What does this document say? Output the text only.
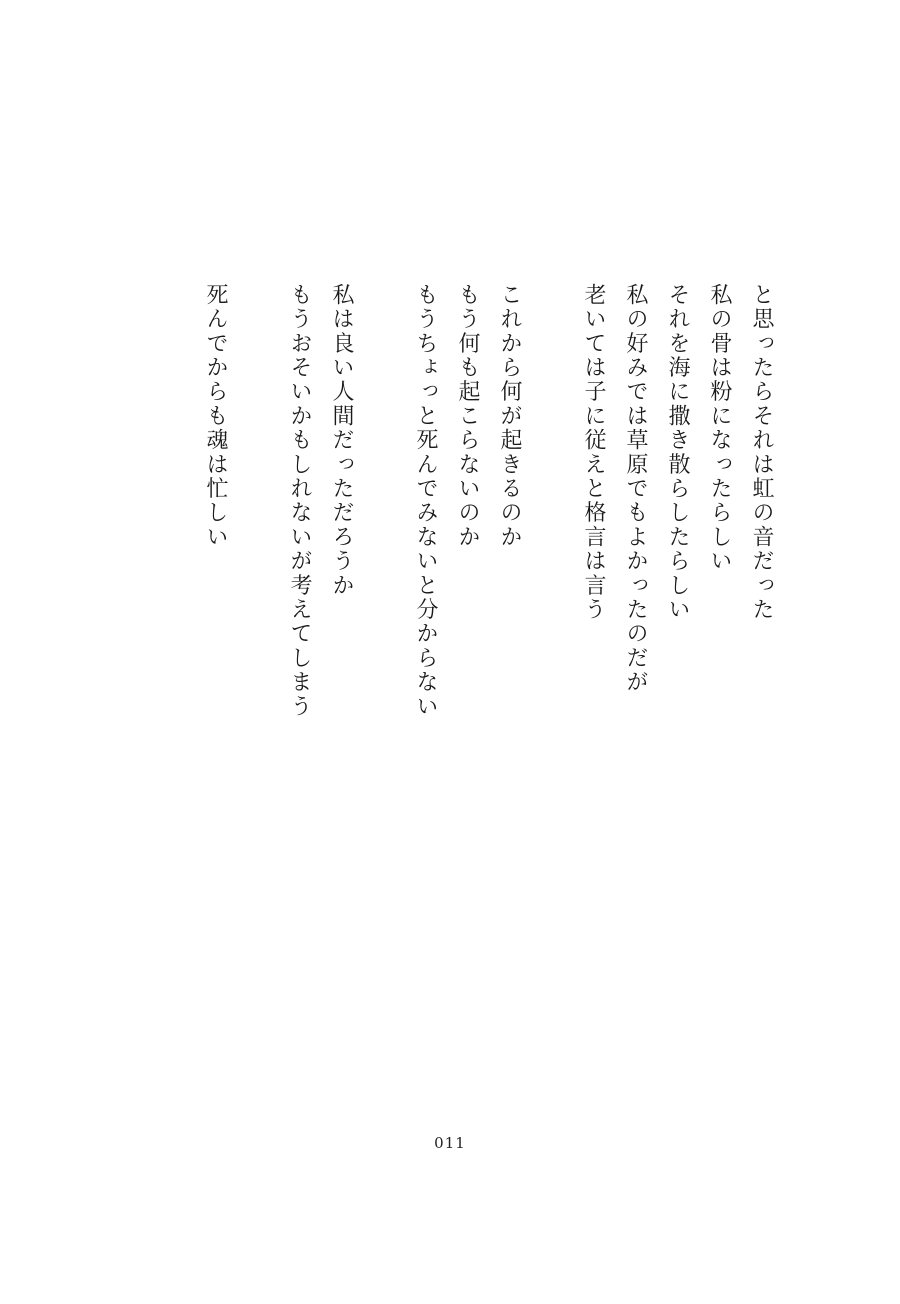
と思ったらそれは虹の音だった
私の骨は粉になったらしい
それを海に撒き散らしたらしい
私の好みでは草原でもよかったのだが
老いては子に従えと格言は言う
これから何が起きるのか
もう何も起こらないのか
もうちょっと死んでみないと分からない
私は良い人間だっただろうか
もうおそいかもしれないが考えてしまう
死んでからも魂は忙しい
011
